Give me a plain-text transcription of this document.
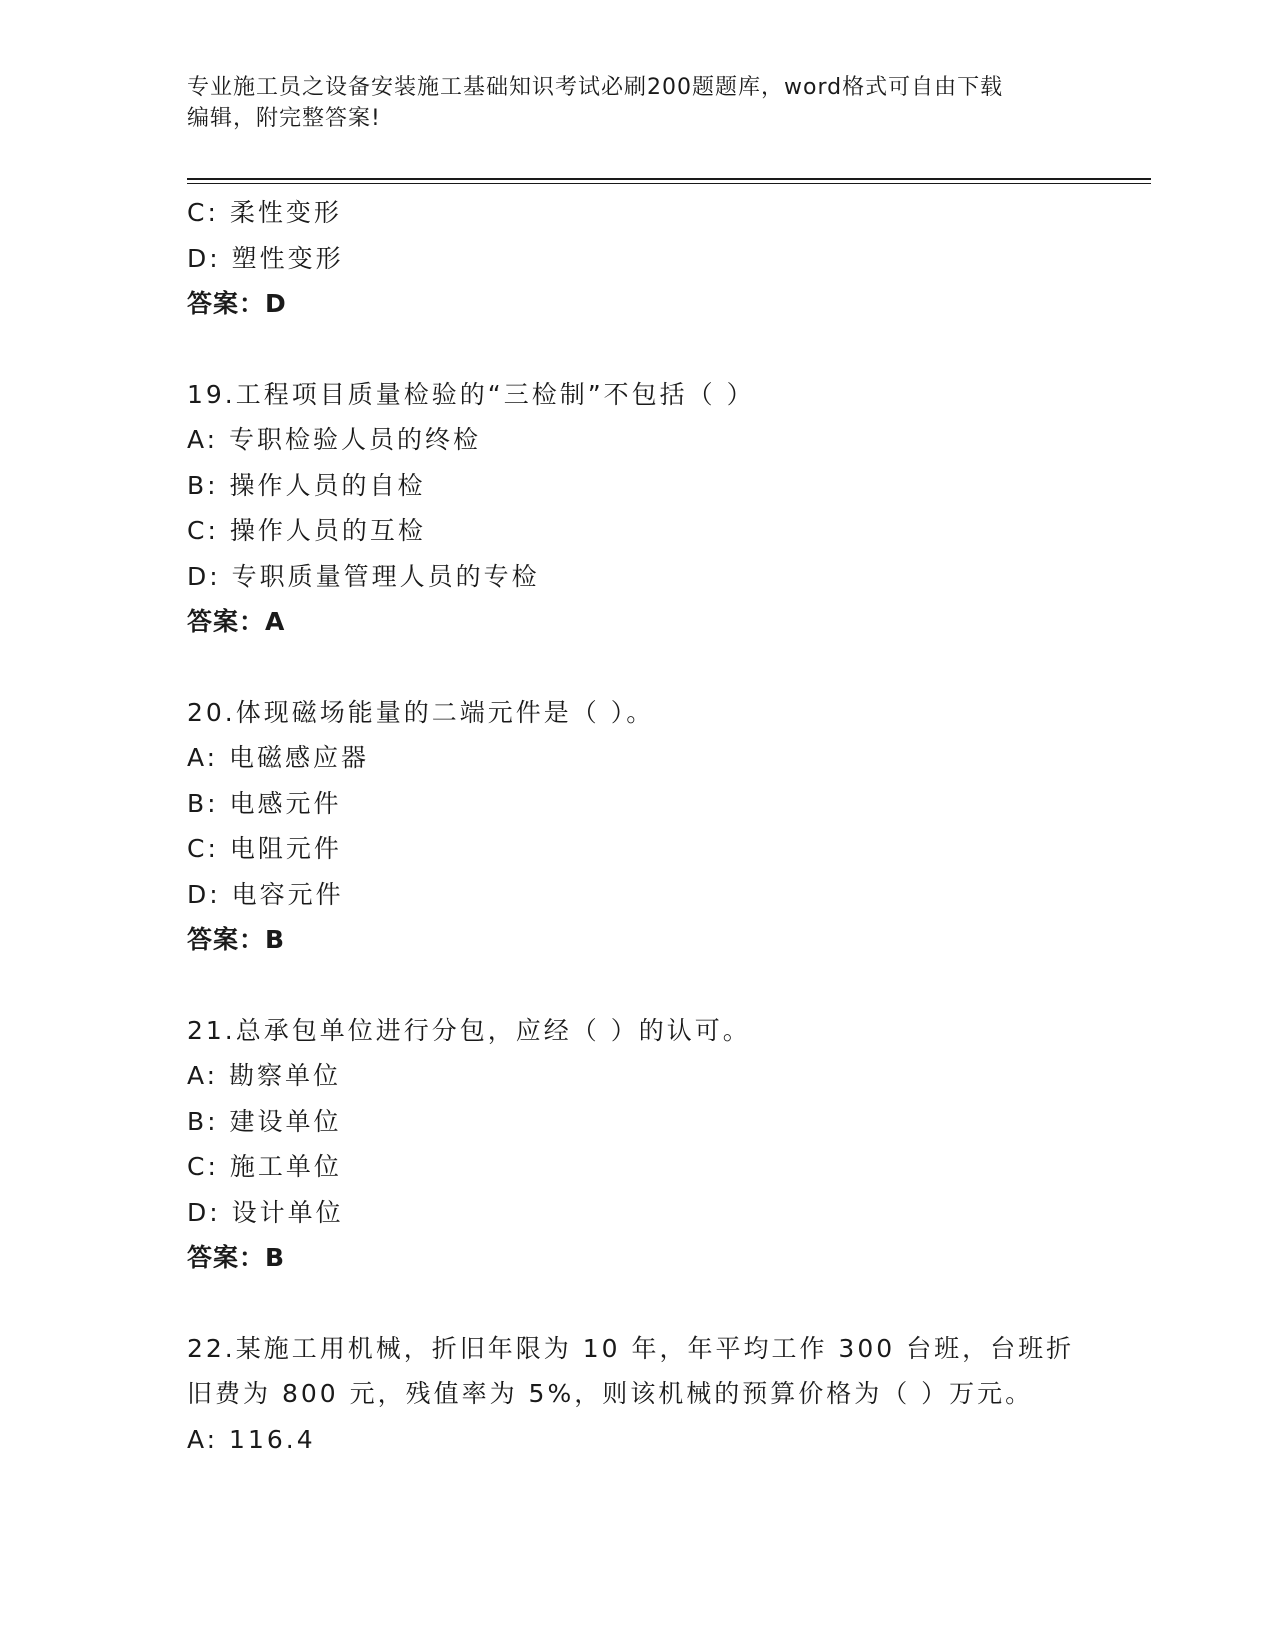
专业施工员之设备安装施工基础知识考试必刷200题题库，word格式可自由下载
编辑，附完整答案!
C: 柔性变形
D: 塑性变形
答案：D
19.工程项目质量检验的“三检制”不包括（ ）
A: 专职检验人员的终检
B: 操作人员的自检
C: 操作人员的互检
D: 专职质量管理人员的专检
答案：A
20.体现磁场能量的二端元件是（ ）。
A: 电磁感应器
B: 电感元件
C: 电阻元件
D: 电容元件
答案：B
21.总承包单位进行分包，应经（ ）的认可。
A: 勘察单位
B: 建设单位
C: 施工单位
D: 设计单位
答案：B
22.某施工用机械，折旧年限为 10 年，年平均工作 300 台班，台班折
旧费为 800 元，残值率为 5%，则该机械的预算价格为（ ）万元。
A: 116.4
